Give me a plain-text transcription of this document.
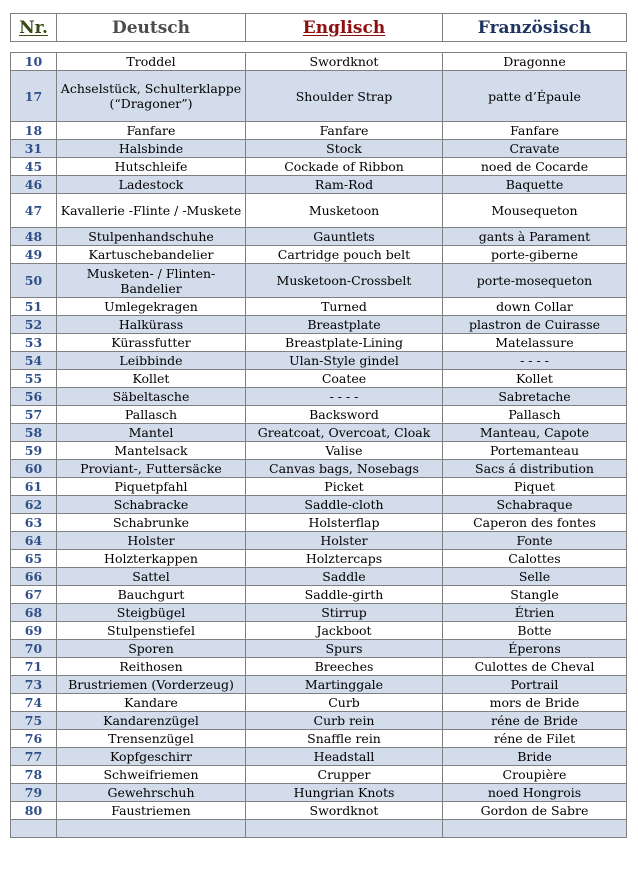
Nr.	Deutsch	Englisch	Französisch

10	Troddel	Swordknot	Dragonne
17	Achselstück, Schulterklappe (“Dragoner”)	Shoulder Strap	patte d’Épaule
18	Fanfare	Fanfare	Fanfare
31	Halsbinde	Stock	Cravate
45	Hutschleife	Cockade of Ribbon	noed de Cocarde
46	Ladestock	Ram-Rod	Baquette
47	Kavallerie -Flinte / -Muskete	Musketoon	Mousequeton
48	Stulpenhandschuhe	Gauntlets	gants à Parament
49	Kartuschebandelier	Cartridge pouch belt	porte-giberne
50	Musketen- / Flinten-Bandelier	Musketoon-Crossbelt	porte-mosequeton
51	Umlegekragen	Turned	down Collar
52	Halkürass	Breastplate	plastron de Cuirasse
53	Kürassfutter	Breastplate-Lining	Matelassure
54	Leibbinde	Ulan-Style gindel	- - - -
55	Kollet	Coatee	Kollet
56	Säbeltasche	- - - -	Sabretache
57	Pallasch	Backsword	Pallasch
58	Mantel	Greatcoat, Overcoat, Cloak	Manteau, Capote
59	Mantelsack	Valise	Portemanteau
60	Proviant-, Futtersäcke	Canvas bags, Nosebags	Sacs á distribution
61	Piquetpfahl	Picket	Piquet
62	Schabracke	Saddle-cloth	Schabraque
63	Schabrunke	Holsterflap	Caperon des fontes
64	Holster	Holster	Fonte
65	Holzterkappen	Holztercaps	Calottes
66	Sattel	Saddle	Selle
67	Bauchgurt	Saddle-girth	Stangle
68	Steigbügel	Stirrup	Étrien
69	Stulpenstiefel	Jackboot	Botte
70	Sporen	Spurs	Éperons
71	Reithosen	Breeches	Culottes de Cheval
73	Brustriemen (Vorderzeug)	Martinggale	Portrail
74	Kandare	Curb	mors de Bride
75	Kandarenzügel	Curb rein	réne de Bride
76	Trensenzügel	Snaffle rein	réne de Filet
77	Kopfgeschirr	Headstall	Bride
78	Schweifriemen	Crupper	Croupière
79	Gewehrschuh	Hungrian Knots	noed Hongrois
80	Faustriemen	Swordknot	Gordon de Sabre
